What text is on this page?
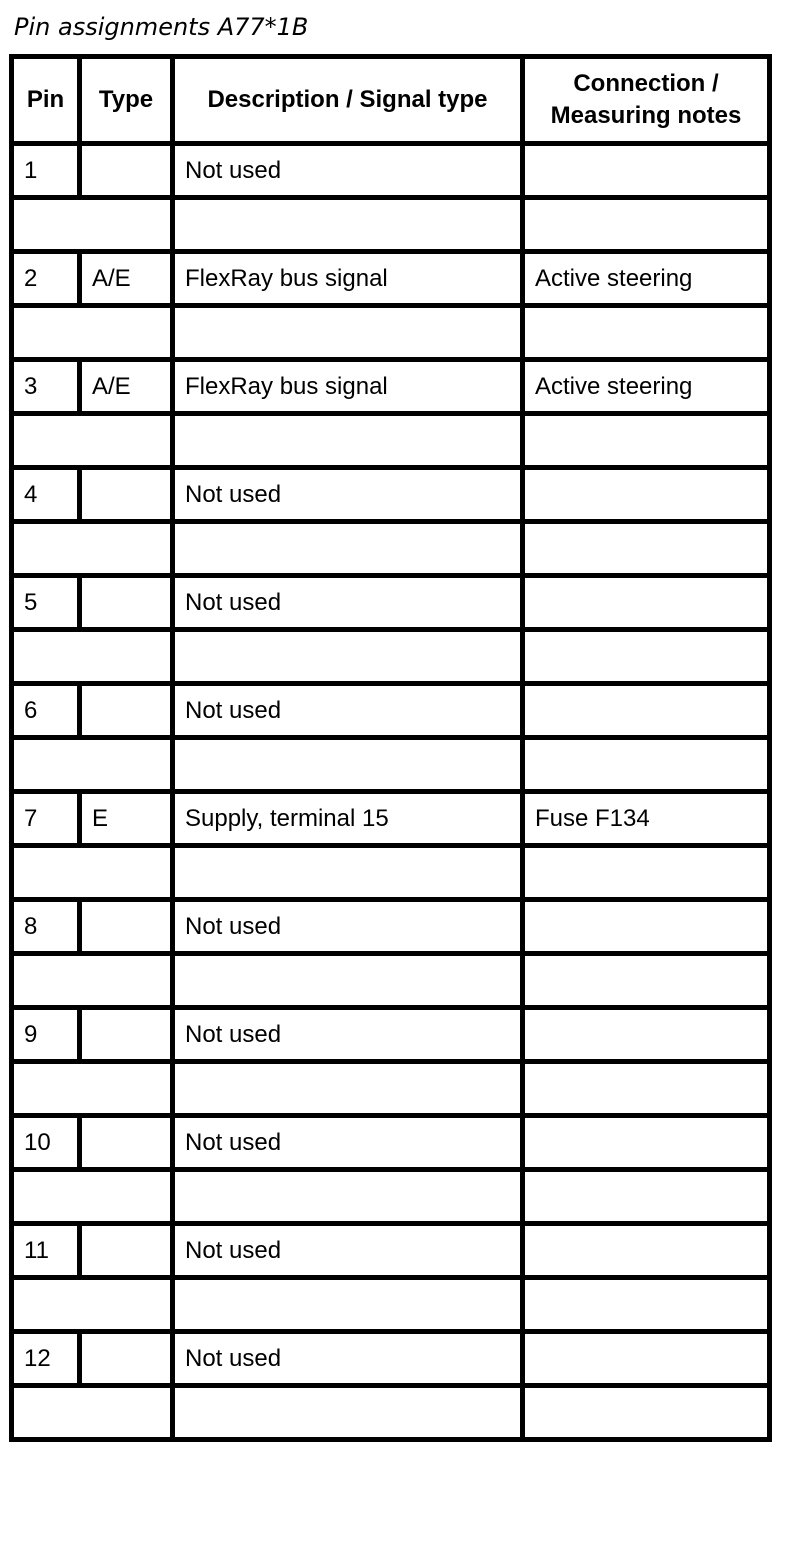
Pin assignments A77*1B
Pin	Type	Description / Signal type	Connection /
Measuring notes
1		Not used	

2	A/E	FlexRay bus signal	Active steering

3	A/E	FlexRay bus signal	Active steering

4		Not used	

5		Not used	

6		Not used	

7	E	Supply, terminal 15	Fuse F134

8		Not used	

9		Not used	

10		Not used	

11		Not used	

12		Not used	
